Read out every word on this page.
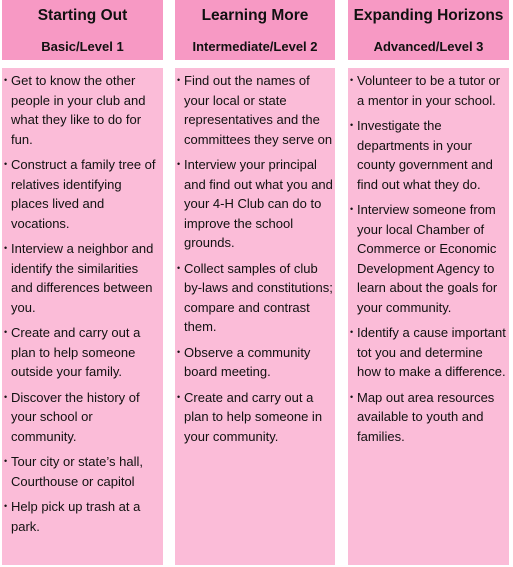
Starting Out
Basic/Level 1
• Get to know the other people in your club and what they like to do for fun.
• Construct a family tree of relatives identifying places lived and vocations.
• Interview a neighbor and identify the similarities and differences between you.
• Create and carry out a plan to help someone outside your family.
• Discover the history of your school or community.
• Tour city or state’s hall, Courthouse or capitol
• Help pick up trash at a park.
Learning More
Intermediate/Level 2
• Find out the names of your local or state representatives and the committees they serve on
• Interview your principal and find out what you and your 4-H Club can do to improve the school grounds.
• Collect samples of club by-laws and constitutions; compare and contrast them.
• Observe a community board meeting.
• Create and carry out a plan to help someone in your community.
Expanding Horizons
Advanced/Level 3
• Volunteer to be a tutor or a mentor in your school.
• Investigate the departments in your county government and find out what they do.
• Interview someone from your local Chamber of Commerce or Economic Development Agency to learn about the goals for your community.
• Identify a cause important tot you and determine how to make a difference.
• Map out area resources available to youth and families.
